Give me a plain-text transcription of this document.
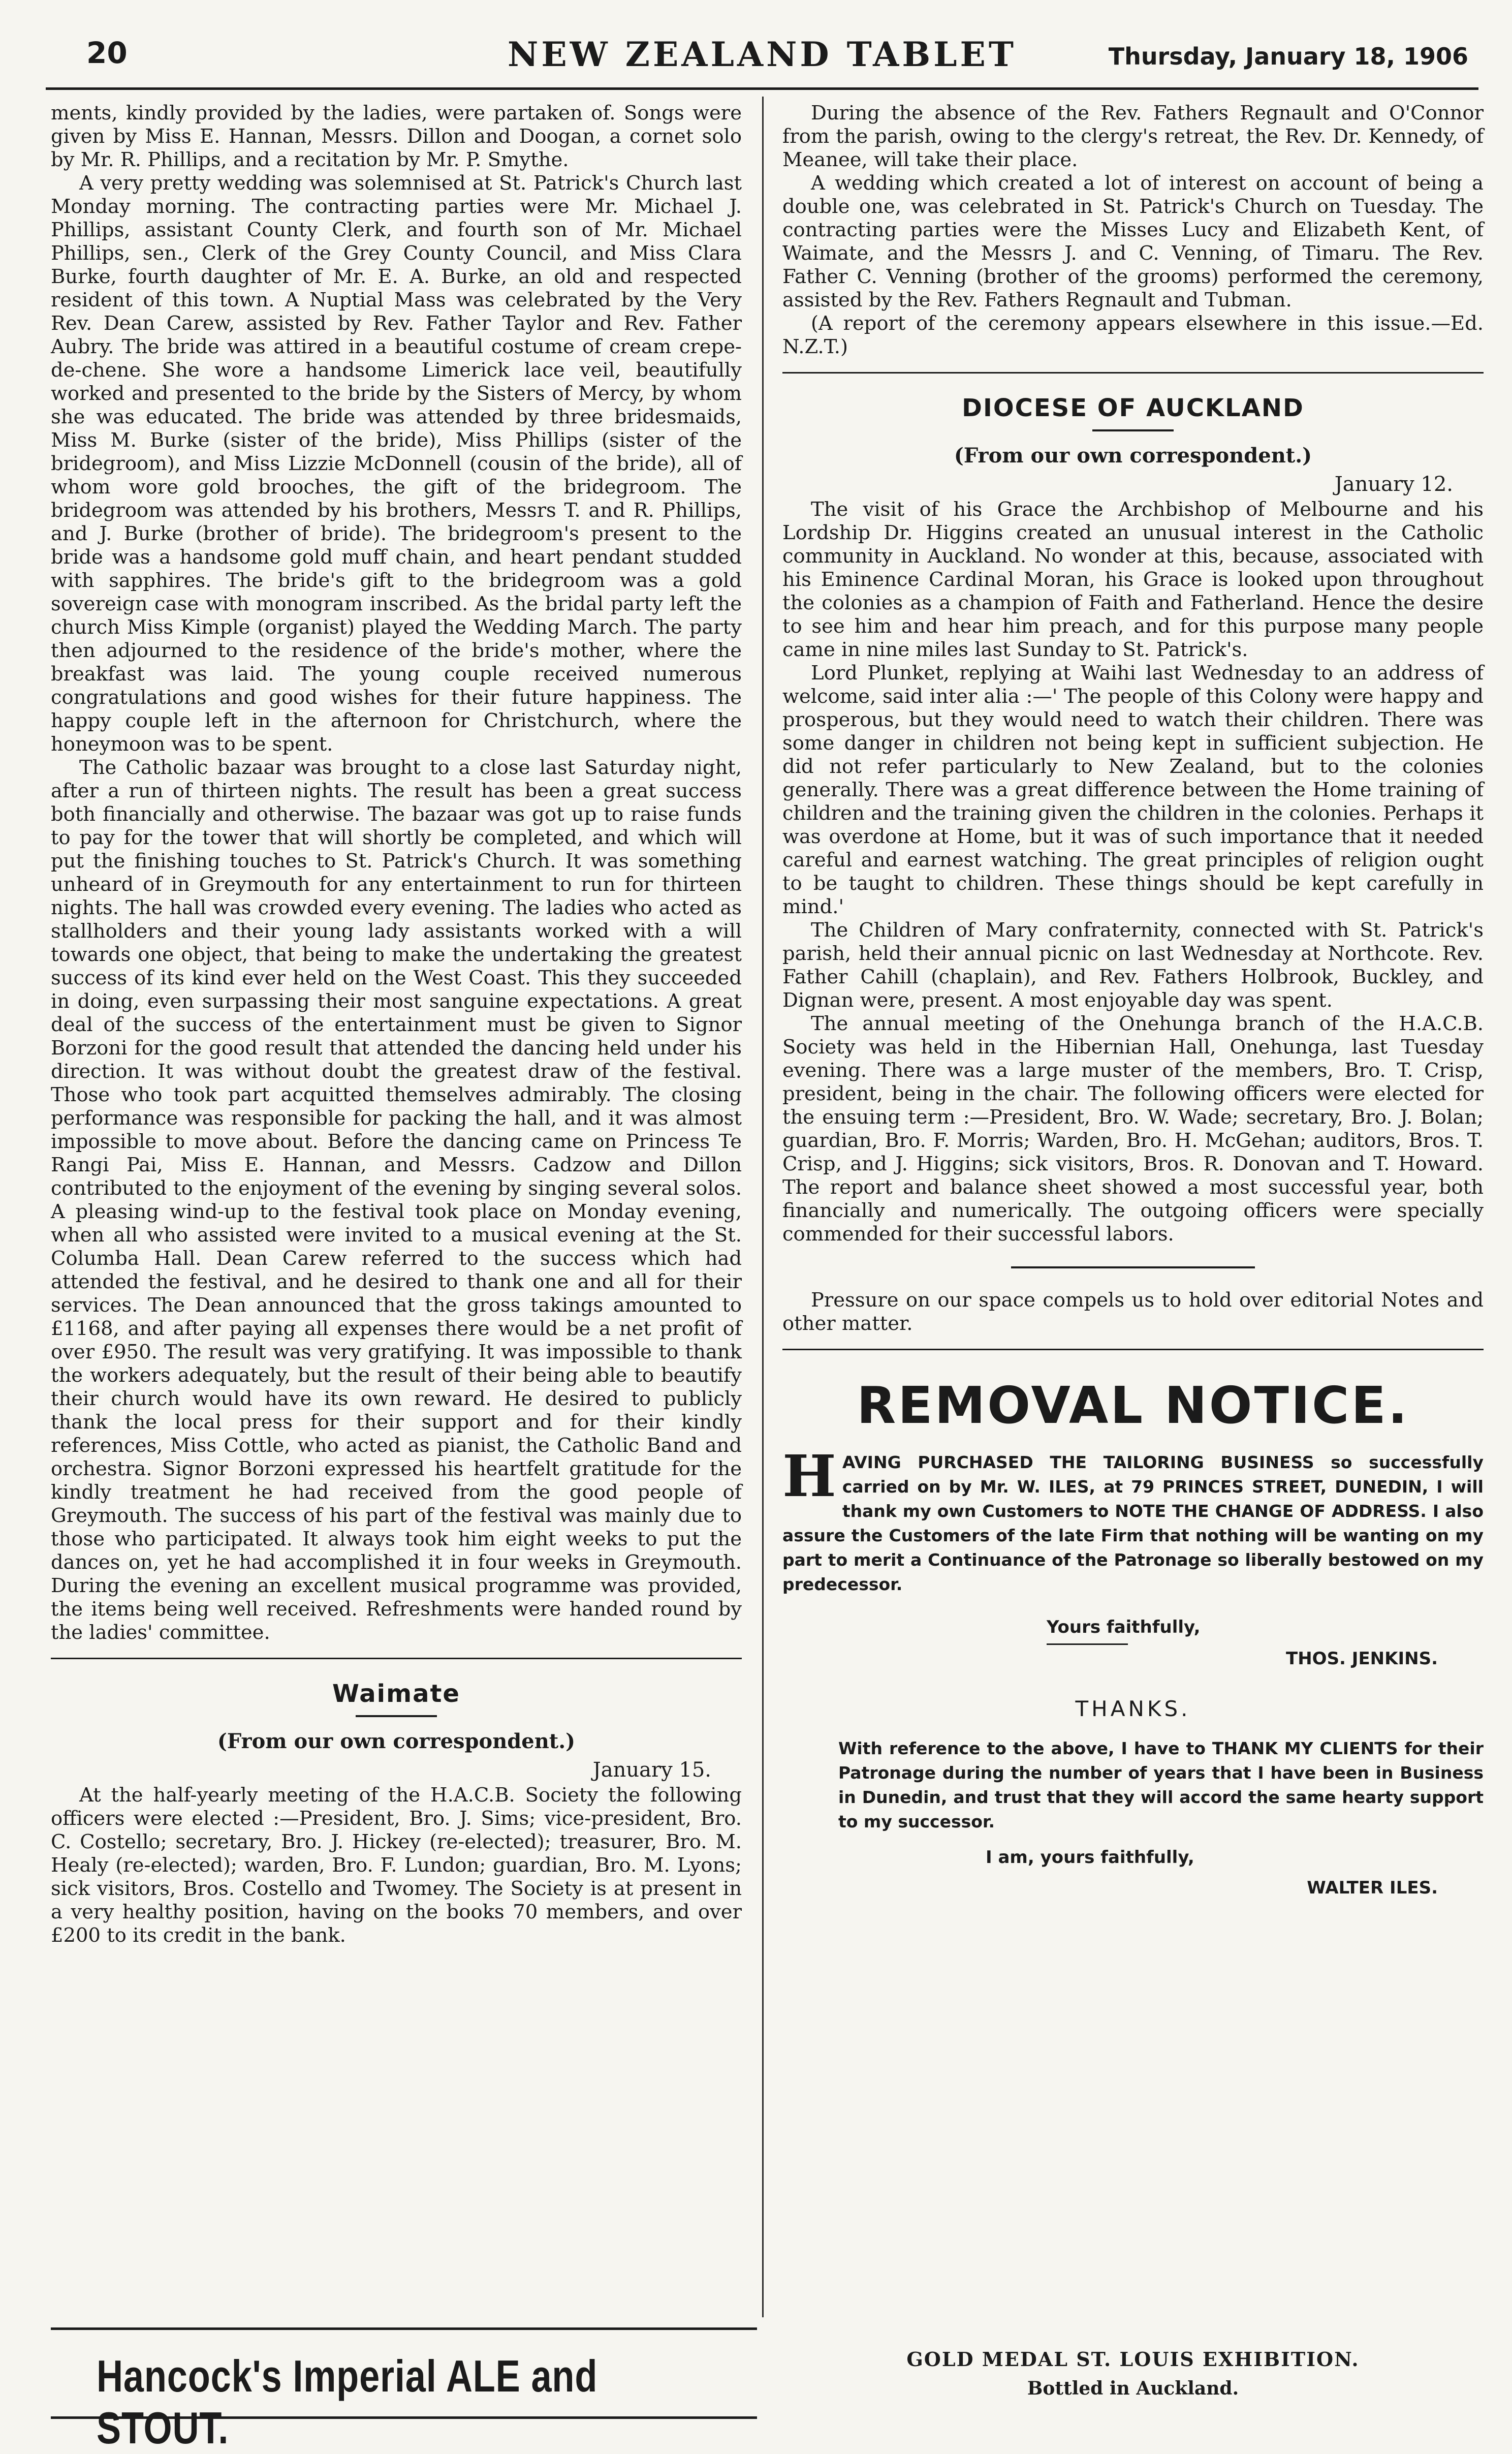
20	NEW ZEALAND TABLET	Thursday, January 18, 1906

ments, kindly provided by the ladies, were partaken of. Songs were given by Miss E. Hannan, Messrs. Dillon and Doogan, a cornet solo by Mr. R. Phillips, and a recitation by Mr. P. Smythe.

A very pretty wedding was solemnised at St. Patrick's Church last Monday morning. The contracting parties were Mr. Michael J. Phillips, assistant County Clerk, and fourth son of Mr. Michael Phillips, sen., Clerk of the Grey County Council, and Miss Clara Burke, fourth daughter of Mr. E. A. Burke, an old and respected resident of this town. A Nuptial Mass was celebrated by the Very Rev. Dean Carew, assisted by Rev. Father Taylor and Rev. Father Aubry. The bride was attired in a beautiful costume of cream crepe-de-chene. She wore a handsome Limerick lace veil, beautifully worked and presented to the bride by the Sisters of Mercy, by whom she was educated. The bride was attended by three bridesmaids, Miss M. Burke (sister of the bride), Miss Phillips (sister of the bridegroom), and Miss Lizzie McDonnell (cousin of the bride), all of whom wore gold brooches, the gift of the bridegroom. The bridegroom was attended by his brothers, Messrs T. and R. Phillips, and J. Burke (brother of bride). The bridegroom's present to the bride was a handsome gold muff chain, and heart pendant studded with sapphires. The bride's gift to the bridegroom was a gold sovereign case with monogram inscribed. As the bridal party left the church Miss Kimple (organist) played the Wedding March. The party then adjourned to the residence of the bride's mother, where the breakfast was laid. The young couple received numerous congratulations and good wishes for their future happiness. The happy couple left in the afternoon for Christchurch, where the honeymoon was to be spent.

The Catholic bazaar was brought to a close last Saturday night, after a run of thirteen nights. The result has been a great success both financially and otherwise. The bazaar was got up to raise funds to pay for the tower that will shortly be completed, and which will put the finishing touches to St. Patrick's Church. It was something unheard of in Greymouth for any entertainment to run for thirteen nights. The hall was crowded every evening. The ladies who acted as stallholders and their young lady assistants worked with a will towards one object, that being to make the undertaking the greatest success of its kind ever held on the West Coast. This they succeeded in doing, even surpassing their most sanguine expectations. A great deal of the success of the entertainment must be given to Signor Borzoni for the good result that attended the dancing held under his direction. It was without doubt the greatest draw of the festival. Those who took part acquitted themselves admirably. The closing performance was responsible for packing the hall, and it was almost impossible to move about. Before the dancing came on Princess Te Rangi Pai, Miss E. Hannan, and Messrs. Cadzow and Dillon contributed to the enjoyment of the evening by singing several solos. A pleasing wind-up to the festival took place on Monday evening, when all who assisted were invited to a musical evening at the St. Columba Hall. Dean Carew referred to the success which had attended the festival, and he desired to thank one and all for their services. The Dean announced that the gross takings amounted to £1168, and after paying all expenses there would be a net profit of over £950. The result was very gratifying. It was impossible to thank the workers adequately, but the result of their being able to beautify their church would have its own reward. He desired to publicly thank the local press for their support and for their kindly references, Miss Cottle, who acted as pianist, the Catholic Band and orchestra. Signor Borzoni expressed his heartfelt gratitude for the kindly treatment he had received from the good people of Greymouth. The success of his part of the festival was mainly due to those who participated. It always took him eight weeks to put the dances on, yet he had accomplished it in four weeks in Greymouth. During the evening an excellent musical programme was provided, the items being well received. Refreshments were handed round by the ladies' committee.

Waimate
(From our own correspondent.)
January 15.

At the half-yearly meeting of the H.A.C.B. Society the following officers were elected :—President, Bro. J. Sims; vice-president, Bro. C. Costello; secretary, Bro. J. Hickey (re-elected); treasurer, Bro. M. Healy (re-elected); warden, Bro. F. Lundon; guardian, Bro. M. Lyons; sick visitors, Bros. Costello and Twomey. The Society is at present in a very healthy position, having on the books 70 members, and over £200 to its credit in the bank.

During the absence of the Rev. Fathers Regnault and O'Connor from the parish, owing to the clergy's retreat, the Rev. Dr. Kennedy, of Meanee, will take their place.

A wedding which created a lot of interest on account of being a double one, was celebrated in St. Patrick's Church on Tuesday. The contracting parties were the Misses Lucy and Elizabeth Kent, of Waimate, and the Messrs J. and C. Venning, of Timaru. The Rev. Father C. Venning (brother of the grooms) performed the ceremony, assisted by the Rev. Fathers Regnault and Tubman.

(A report of the ceremony appears elsewhere in this issue.—Ed. N.Z.T.)

DIOCESE OF AUCKLAND
(From our own correspondent.)
January 12.

The visit of his Grace the Archbishop of Melbourne and his Lordship Dr. Higgins created an unusual interest in the Catholic community in Auckland. No wonder at this, because, associated with his Eminence Cardinal Moran, his Grace is looked upon throughout the colonies as a champion of Faith and Fatherland. Hence the desire to see him and hear him preach, and for this purpose many people came in nine miles last Sunday to St. Patrick's.

Lord Plunket, replying at Waihi last Wednesday to an address of welcome, said inter alia :—' The people of this Colony were happy and prosperous, but they would need to watch their children. There was some danger in children not being kept in sufficient subjection. He did not refer particularly to New Zealand, but to the colonies generally. There was a great difference between the Home training of children and the training given the children in the colonies. Perhaps it was overdone at Home, but it was of such importance that it needed careful and earnest watching. The great principles of religion ought to be taught to children. These things should be kept carefully in mind.'

The Children of Mary confraternity, connected with St. Patrick's parish, held their annual picnic on last Wednesday at Northcote. Rev. Father Cahill (chaplain), and Rev. Fathers Holbrook, Buckley, and Dignan were, present. A most enjoyable day was spent.

The annual meeting of the Onehunga branch of the H.A.C.B. Society was held in the Hibernian Hall, Onehunga, last Tuesday evening. There was a large muster of the members, Bro. T. Crisp, president, being in the chair. The following officers were elected for the ensuing term :—President, Bro. W. Wade; secretary, Bro. J. Bolan; guardian, Bro. F. Morris; Warden, Bro. H. McGehan; auditors, Bros. T. Crisp, and J. Higgins; sick visitors, Bros. R. Donovan and T. Howard. The report and balance sheet showed a most successful year, both financially and numerically. The outgoing officers were specially commended for their successful labors.

Pressure on our space compels us to hold over editorial Notes and other matter.

REMOVAL NOTICE.
H AVING PURCHASED THE TAILORING BUSINESS so successfully carried on by Mr. W. ILES, at 79 PRINCES STREET, DUNEDIN, I will thank my own Customers to NOTE THE CHANGE OF ADDRESS. I also assure the Customers of the late Firm that nothing will be wanting on my part to merit a Continuance of the Patronage so liberally bestowed on my predecessor.
Yours faithfully,
THOS. JENKINS.
THANKS.
With reference to the above, I have to THANK MY CLIENTS for their Patronage during the number of years that I have been in Business in Dunedin, and trust that they will accord the same hearty support to my successor.
I am, yours faithfully,
WALTER ILES.
Hancock's Imperial ALE and STOUT.
GOLD MEDAL ST. LOUIS EXHIBITION.
Bottled in Auckland.
